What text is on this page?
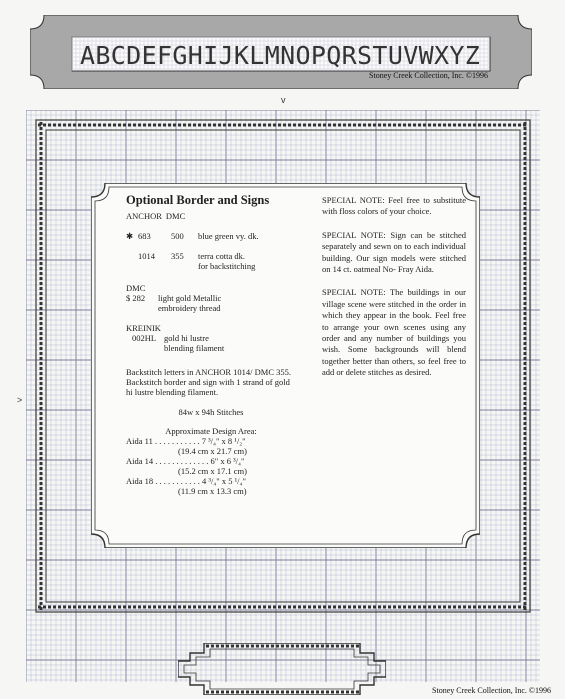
A B C D E F G H I J K L M N O P Q R S T U V W X Y Z
Stoney Creek Collection, Inc. ©1996
v
>
Optional Border and Signs
ANCHOR DMC
✱ 683	500	blue green vy. dk.
1014	355	terra cotta dk.
for backstitching
DMC
$ 282	light gold Metallic
embroidery thread
KREINIK
002HL gold hi lustre
blending filament
Backstitch letters in ANCHOR 1014/ DMC 355.
Backstitch border and sign with 1 strand of gold hi lustre blending filament.
84w x 94h Stitches
Approximate Design Area:
Aida 11 . . . . . . . . . . . 7 ³/₄" x 8 ¹/₂"
(19.4 cm x 21.7 cm)
Aida 14 . . . . . . . . . . . . . 6" x 6 ³/₄"
(15.2 cm x 17.1 cm)
Aida 18 . . . . . . . . . . . 4 ³/₄" x 5 ¹/₄"
(11.9 cm x 13.3 cm)
SPECIAL NOTE: Feel free to substitute with floss colors of your choice.
SPECIAL NOTE: Sign can be stitched separately and sewn on to each individual building. Our sign models were stitched on 14 ct. oatmeal No- Fray Aida.
SPECIAL NOTE: The buildings in our village scene were stitched in the order in which they appear in the book. Feel free to arrange your own scenes using any order and any number of buildings you wish. Some backgrounds will blend together better than others, so feel free to add or delete stitches as desired.
Stoney Creek Collection, Inc. ©1996
